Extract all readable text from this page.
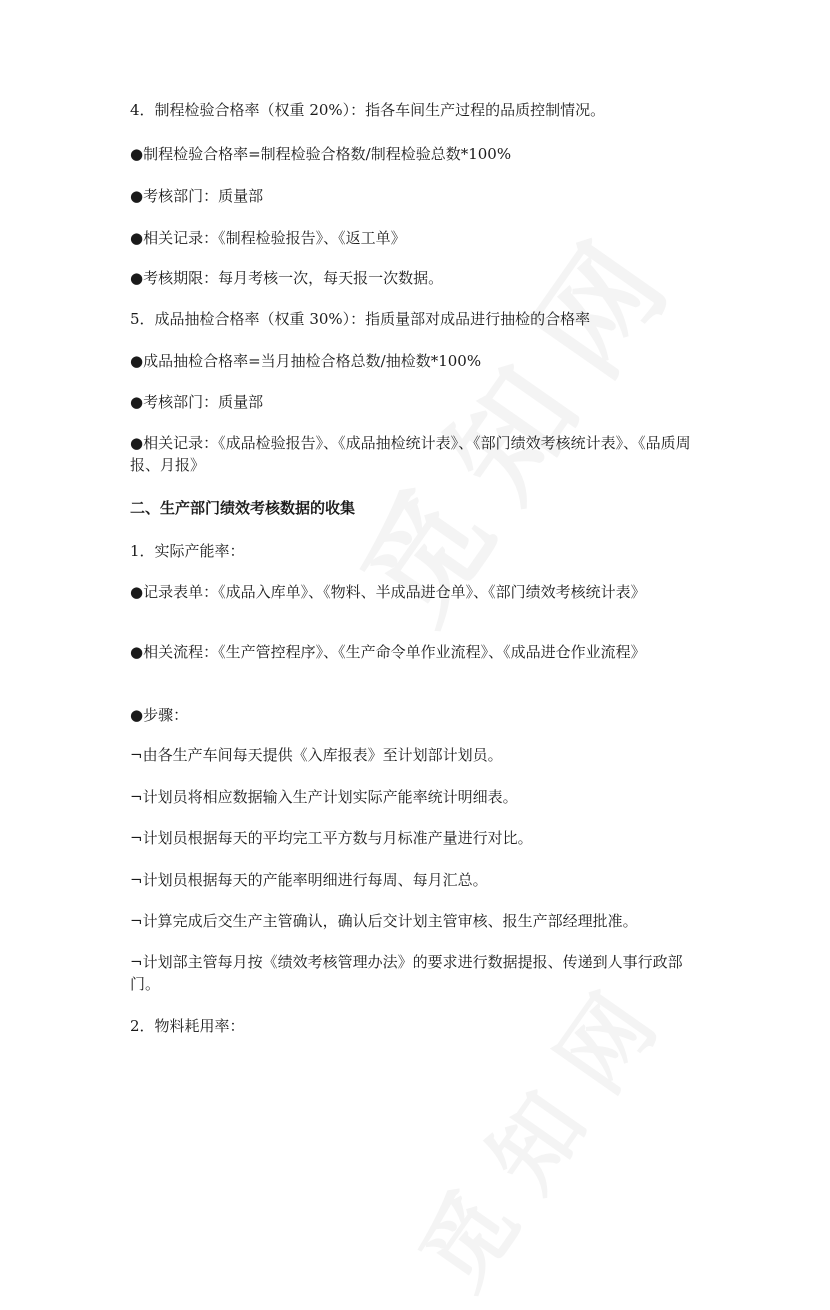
4．制程检验合格率（权重 20%）：指各车间生产过程的品质控制情况。
●制程检验合格率=制程检验合格数/制程检验总数*100%
●考核部门：质量部
●相关记录：《制程检验报告》、《返工单》
●考核期限：每月考核一次，每天报一次数据。
5．成品抽检合格率（权重 30%）：指质量部对成品进行抽检的合格率
●成品抽检合格率=当月抽检合格总数/抽检数*100%
●考核部门：质量部
●相关记录：《成品检验报告》、《成品抽检统计表》、《部门绩效考核统计表》、《品质周报、月报》
二、生产部门绩效考核数据的收集
1．实际产能率：
●记录表单：《成品入库单》、《物料、半成品进仓单》、《部门绩效考核统计表》
●相关流程：《生产管控程序》、《生产命令单作业流程》、《成品进仓作业流程》
●步骤：
¬由各生产车间每天提供《入库报表》至计划部计划员。
¬计划员将相应数据输入生产计划实际产能率统计明细表。
¬计划员根据每天的平均完工平方数与月标准产量进行对比。
¬计划员根据每天的产能率明细进行每周、每月汇总。
¬计算完成后交生产主管确认，确认后交计划主管审核、报生产部经理批准。
¬计划部主管每月按《绩效考核管理办法》的要求进行数据提报、传递到人事行政部门。
2．物料耗用率：
